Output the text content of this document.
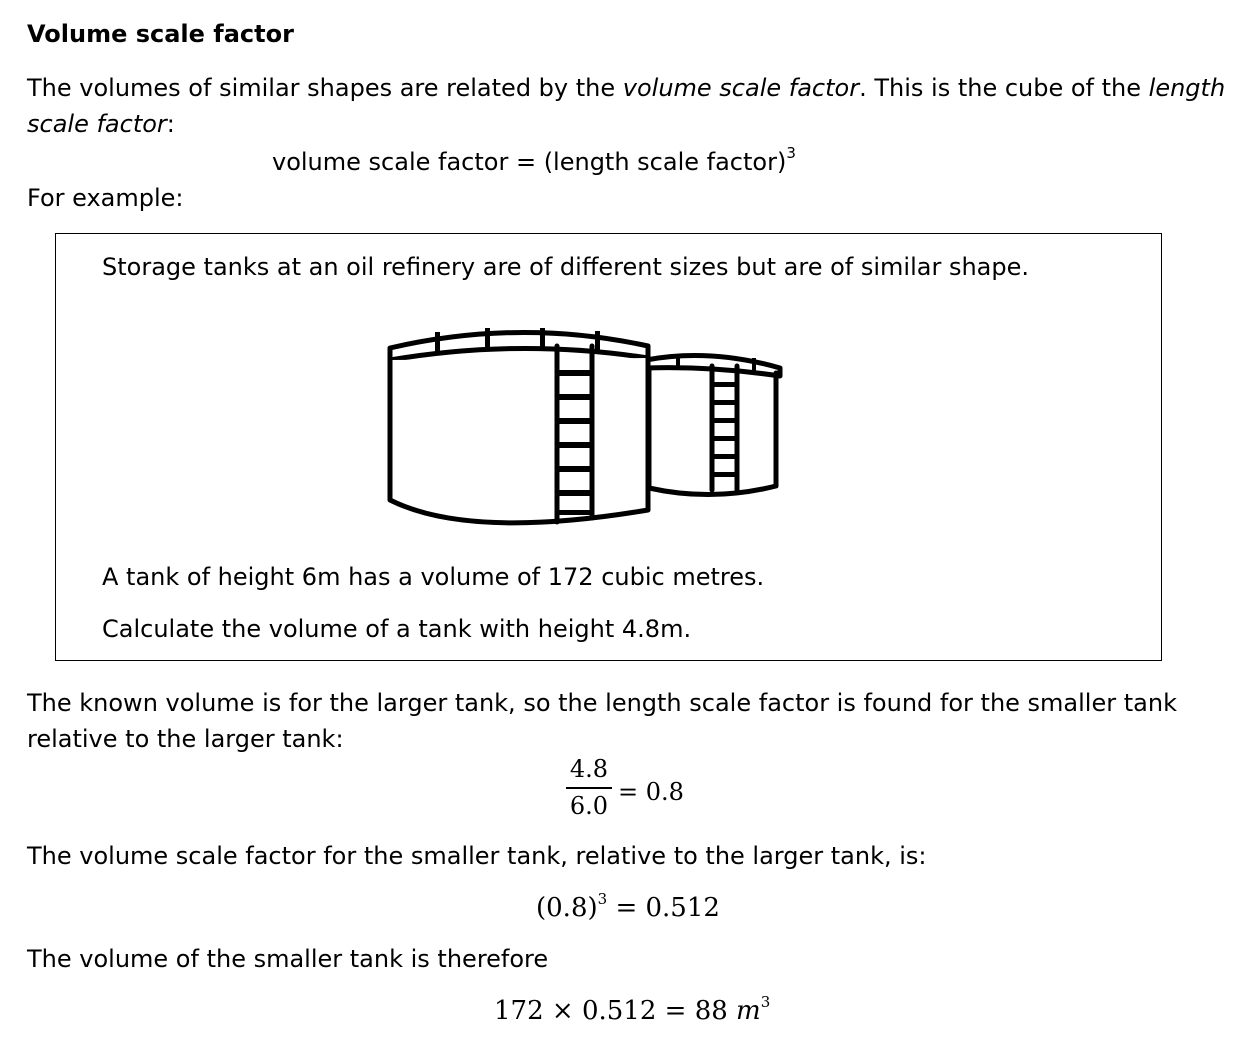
Volume scale factor
The volumes of similar shapes are related by the volume scale factor. This is the cube of the length
scale factor:
volume scale factor = (length scale factor)$^3$
For example:
Storage tanks at an oil refinery are of different sizes but are of similar shape.
A tank of height 6m has a volume of 172 cubic metres.
Calculate the volume of a tank with height 4.8m.
The known volume is for the larger tank, so the length scale factor is found for the smaller tank
relative to the larger tank:
4.8
6.0 = 0.8
The volume scale factor for the smaller tank, relative to the larger tank, is:
$(0.8)^3 = 0.512$
The volume of the smaller tank is therefore
172 × 0.512 = 88 $m^3$
